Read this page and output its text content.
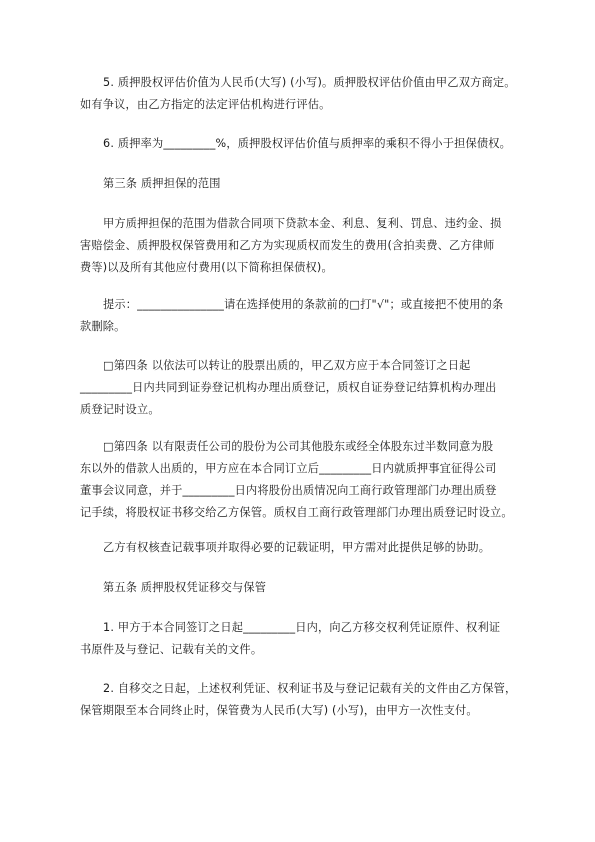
5. 质押股权评估价值为人民币(大写) (小写)。质押股权评估价值由甲乙双方商定。
如有争议，由乙方指定的法定评估机构进行评估。

6. 质押率为_________%，质押股权评估价值与质押率的乘积不得小于担保债权。

第三条 质押担保的范围

甲方质押担保的范围为借款合同项下贷款本金、利息、复利、罚息、违约金、损
害赔偿金、质押股权保管费用和乙方为实现质权而发生的费用(含拍卖费、乙方律师
费等)以及所有其他应付费用(以下简称担保债权)。

提示：_______________请在选择使用的条款前的□打"√"；或直接把不使用的条
款删除。

□第四条 以依法可以转让的股票出质的，甲乙双方应于本合同签订之日起
_________日内共同到证券登记机构办理出质登记，质权自证券登记结算机构办理出
质登记时设立。

□第四条 以有限责任公司的股份为公司其他股东或经全体股东过半数同意为股
东以外的借款人出质的，甲方应在本合同订立后_________日内就质押事宜征得公司
董事会议同意，并于_________日内将股份出质情况向工商行政管理部门办理出质登
记手续，将股权证书移交给乙方保管。质权自工商行政管理部门办理出质登记时设立。

乙方有权核查记载事项并取得必要的记载证明，甲方需对此提供足够的协助。

第五条 质押股权凭证移交与保管

1. 甲方于本合同签订之日起_________日内，向乙方移交权利凭证原件、权利证
书原件及与登记、记载有关的文件。

2. 自移交之日起，上述权利凭证、权利证书及与登记记载有关的文件由乙方保管，
保管期限至本合同终止时，保管费为人民币(大写) (小写)，由甲方一次性支付。
